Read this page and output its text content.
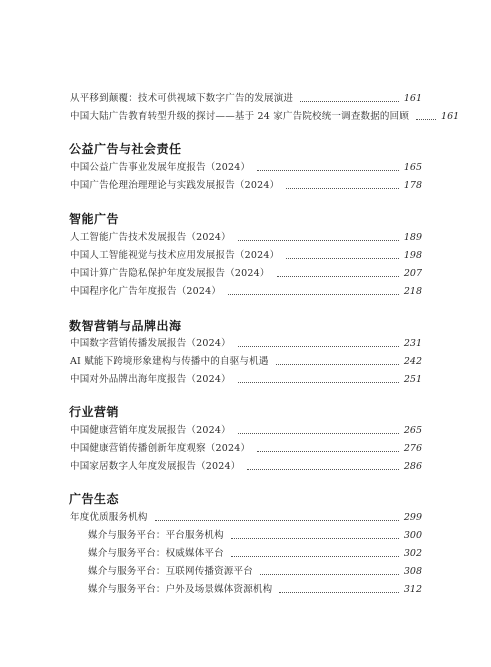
从平移到颠覆：技术可供视域下数字广告的发展演进	161
中国大陆广告教育转型升级的探讨——基于 24 家广告院校统一调查数据的回顾	161
公益广告与社会责任
中国公益广告事业发展年度报告（2024）	165
中国广告伦理治理理论与实践发展报告（2024）	178
智能广告
人工智能广告技术发展报告（2024）	189
中国人工智能视觉与技术应用发展报告（2024）	198
中国计算广告隐私保护年度发展报告（2024）	207
中国程序化广告年度报告（2024）	218
数智营销与品牌出海
中国数字营销传播发展报告（2024）	231
AI 赋能下跨境形象建构与传播中的自驱与机遇	242
中国对外品牌出海年度报告（2024）	251
行业营销
中国健康营销年度发展报告（2024）	265
中国健康营销传播创新年度观察（2024）	276
中国家居数字人年度发展报告（2024）	286
广告生态
年度优质服务机构	299
媒介与服务平台：平台服务机构	300
媒介与服务平台：权威媒体平台	302
媒介与服务平台：互联网传播资源平台	308
媒介与服务平台：户外及场景媒体资源机构	312
